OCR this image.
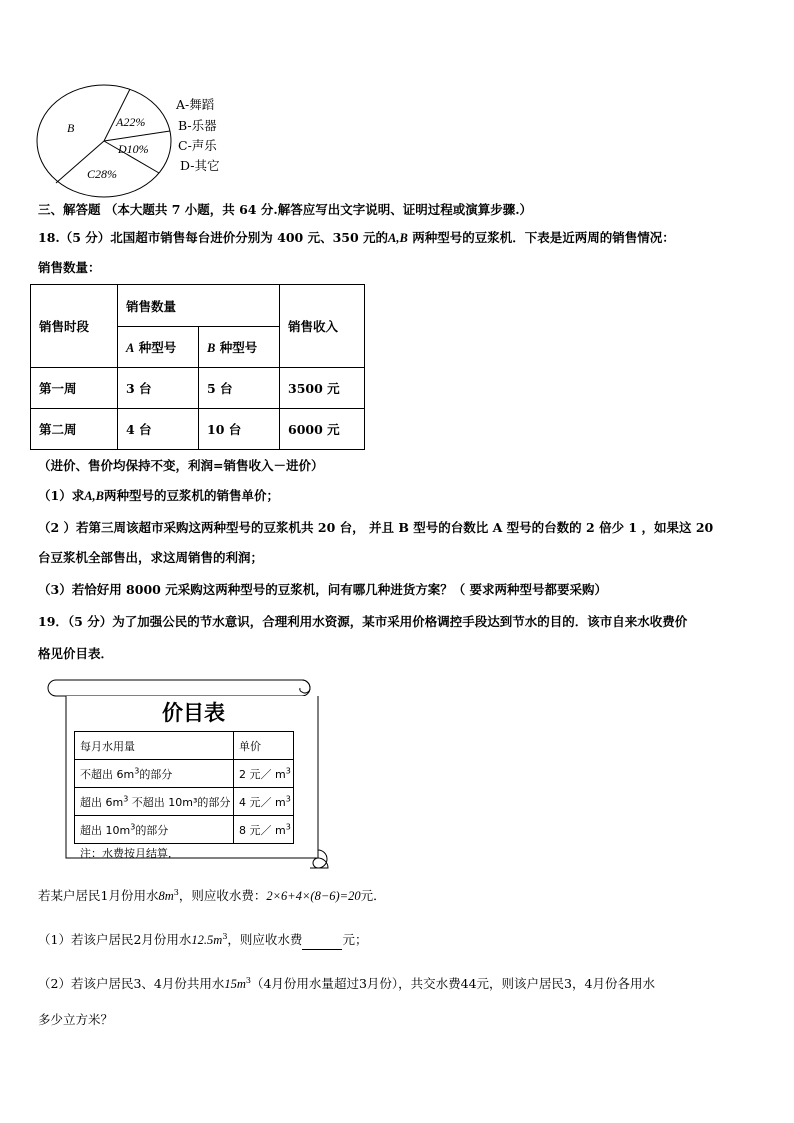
B	A22%
D10%
C28%
A-舞蹈
B-乐器
C-声乐
D-其它
三、解答题 （本大题共 7 小题，共 64 分.解答应写出文字说明、证明过程或演算步骤.）
18.（5 分）北国超市销售每台进价分别为 400 元、350 元的A,B 两种型号的豆浆机．下表是近两周的销售情况：
销售数量：
销售时段	销售数量		销售收入
	A 种型号	B 种型号	
第一周	3 台	5 台	3500 元
第二周	4 台	10 台	6000 元
（进价、售价均保持不变，利润=销售收入－进价）
（1）求A,B两种型号的豆浆机的销售单价；
（2 ）若第三周该超市采购这两种型号的豆浆机共 20 台， 并且 B 型号的台数比 A 型号的台数的 2 倍少 1 ，如果这 20
台豆浆机全部售出，求这周销售的利润；
（3）若恰好用 8000 元采购这两种型号的豆浆机，问有哪几种进货方案？（ 要求两种型号都要采购）
19．（5 分）为了加强公民的节水意识，合理利用水资源，某市采用价格调控手段达到节水的目的．该市自来水收费价
格见价目表．
价目表
每月水用量	单价
不超出 $6m^3$的部分	2 元／ $m^3$
超出 $6m^3$ 不超出 10m³的部分	4 元／ $m^3$
超出 $10m^3$的部分	8 元／ $m^3$
注：水费按月结算．
若某户居民1月份用水$8m^3$，则应收水费：2×6+4×(8−6)=20元．
（1）若该户居民2月份用水$12.5m^3$，则应收水费	元；
（2）若该户居民3、4月份共用水$15m^3(4$月份用水量超过3月份），共交水费44元，则该户居民3，4月份各用水
多少立方米？
